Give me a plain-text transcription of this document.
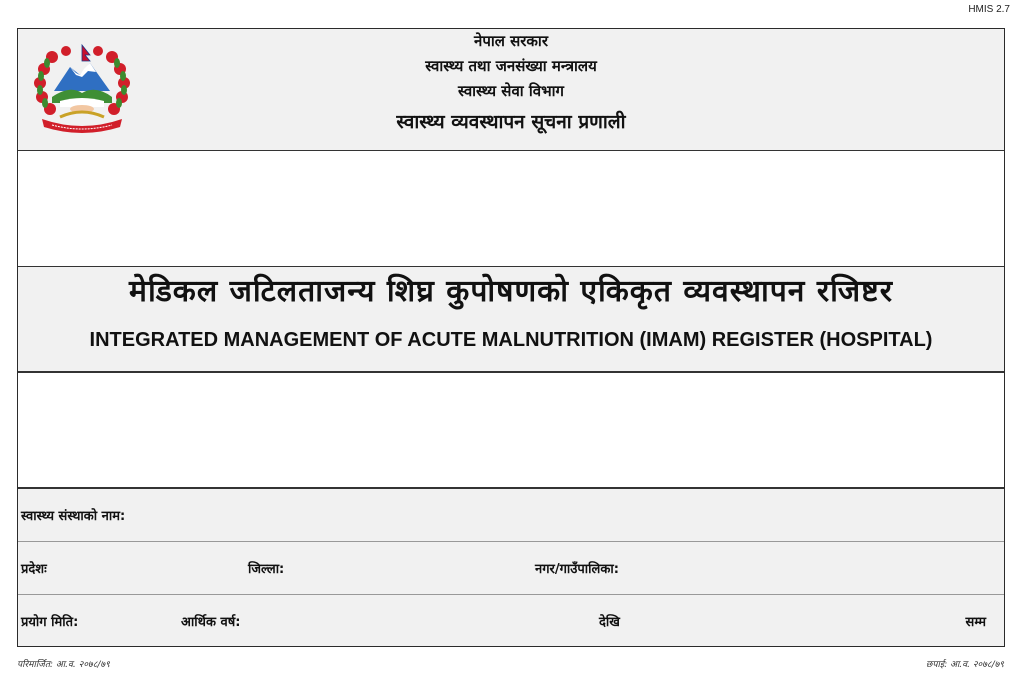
HMIS 2.7
नेपाल सरकार
स्वास्थ्य तथा जनसंख्या मन्त्रालय
स्वास्थ्य सेवा विभाग
स्वास्थ्य व्यवस्थापन सूचना प्रणाली
मेडिकल जटिलताजन्य शिघ्र कुपोषणको एकिकृत व्यवस्थापन रजिष्टर
INTEGRATED MANAGEMENT OF ACUTE MALNUTRITION (IMAM) REGISTER (HOSPITAL)
स्वास्थ्य संस्थाको नाम:
प्रदेशः	जिल्ला:	नगर/गाउँपालिका:
प्रयोग मिति:	आर्थिक वर्ष:	देखि	सम्म
परिमार्जित: आ.व. २०७८/७९	छपाई: आ.व. २०७८/७९
